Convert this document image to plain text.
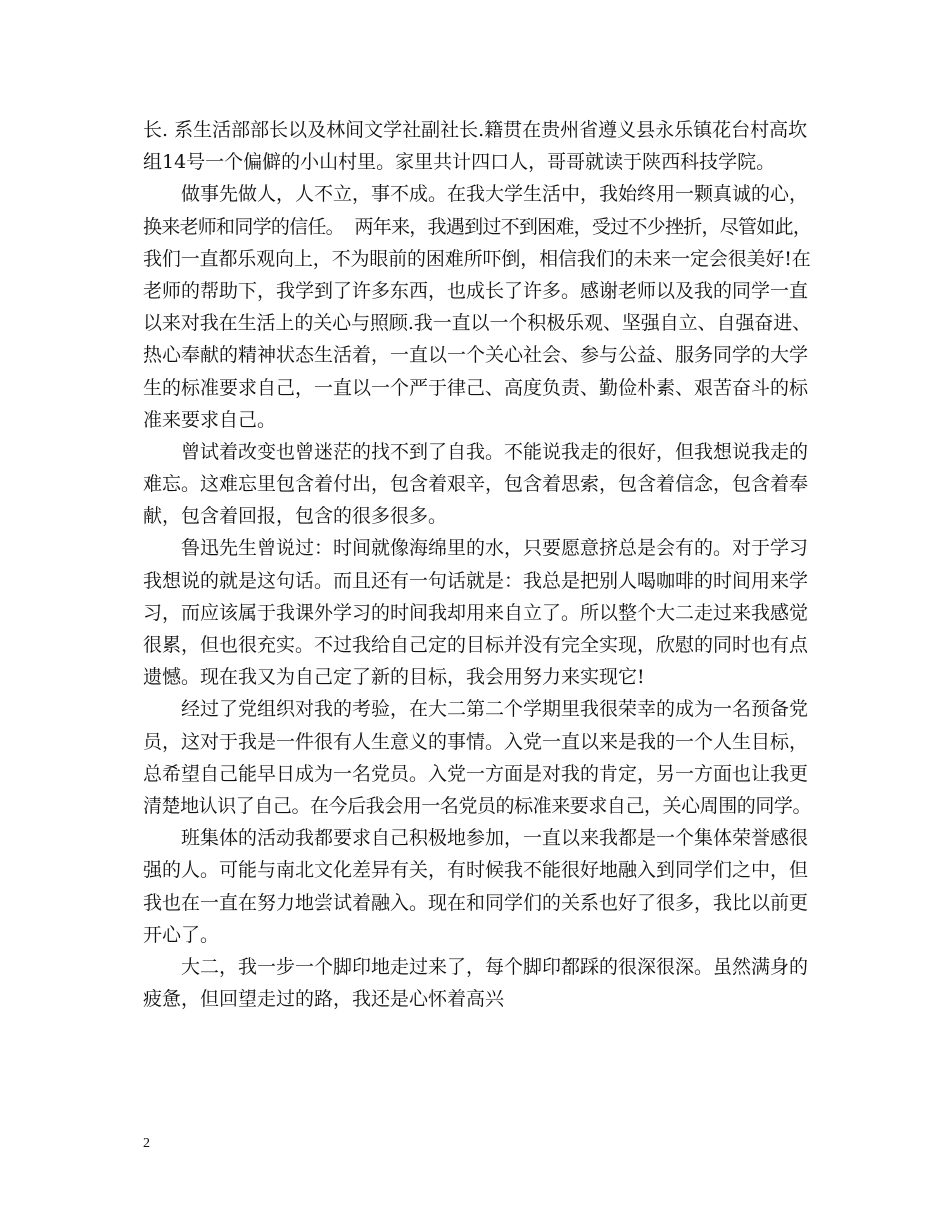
长. 系生活部部长以及林间文学社副社长.籍贯在贵州省遵义县永乐镇花台村高坎
组14号一个偏僻的小山村里。家里共计四口人，哥哥就读于陕西科技学院。
做事先做人，人不立，事不成。在我大学生活中，我始终用一颗真诚的心，
换来老师和同学的信任。  两年来，我遇到过不到困难，受过不少挫折，尽管如此，
我们一直都乐观向上，不为眼前的困难所吓倒，相信我们的未来一定会很美好!在
老师的帮助下，我学到了许多东西，也成长了许多。感谢老师以及我的同学一直
以来对我在生活上的关心与照顾.我一直以一个积极乐观、坚强自立、自强奋进、
热心奉献的精神状态生活着，一直以一个关心社会、参与公益、服务同学的大学
生的标准要求自己，一直以一个严于律己、高度负责、勤俭朴素、艰苦奋斗的标
准来要求自己。
曾试着改变也曾迷茫的找不到了自我。不能说我走的很好，但我想说我走的
难忘。这难忘里包含着付出，包含着艰辛，包含着思索，包含着信念，包含着奉
献，包含着回报，包含的很多很多。
鲁迅先生曾说过：时间就像海绵里的水，只要愿意挤总是会有的。对于学习
我想说的就是这句话。而且还有一句话就是：我总是把别人喝咖啡的时间用来学
习，而应该属于我课外学习的时间我却用来自立了。所以整个大二走过来我感觉
很累，但也很充实。不过我给自己定的目标并没有完全实现，欣慰的同时也有点
遗憾。现在我又为自己定了新的目标，我会用努力来实现它!
经过了党组织对我的考验，在大二第二个学期里我很荣幸的成为一名预备党
员，这对于我是一件很有人生意义的事情。入党一直以来是我的一个人生目标，
总希望自己能早日成为一名党员。入党一方面是对我的肯定，另一方面也让我更
清楚地认识了自己。在今后我会用一名党员的标准来要求自己，关心周围的同学。
班集体的活动我都要求自己积极地参加，一直以来我都是一个集体荣誉感很
强的人。可能与南北文化差异有关，有时候我不能很好地融入到同学们之中，但
我也在一直在努力地尝试着融入。现在和同学们的关系也好了很多，我比以前更
开心了。
大二，我一步一个脚印地走过来了，每个脚印都踩的很深很深。虽然满身的
疲惫，但回望走过的路，我还是心怀着高兴
2
